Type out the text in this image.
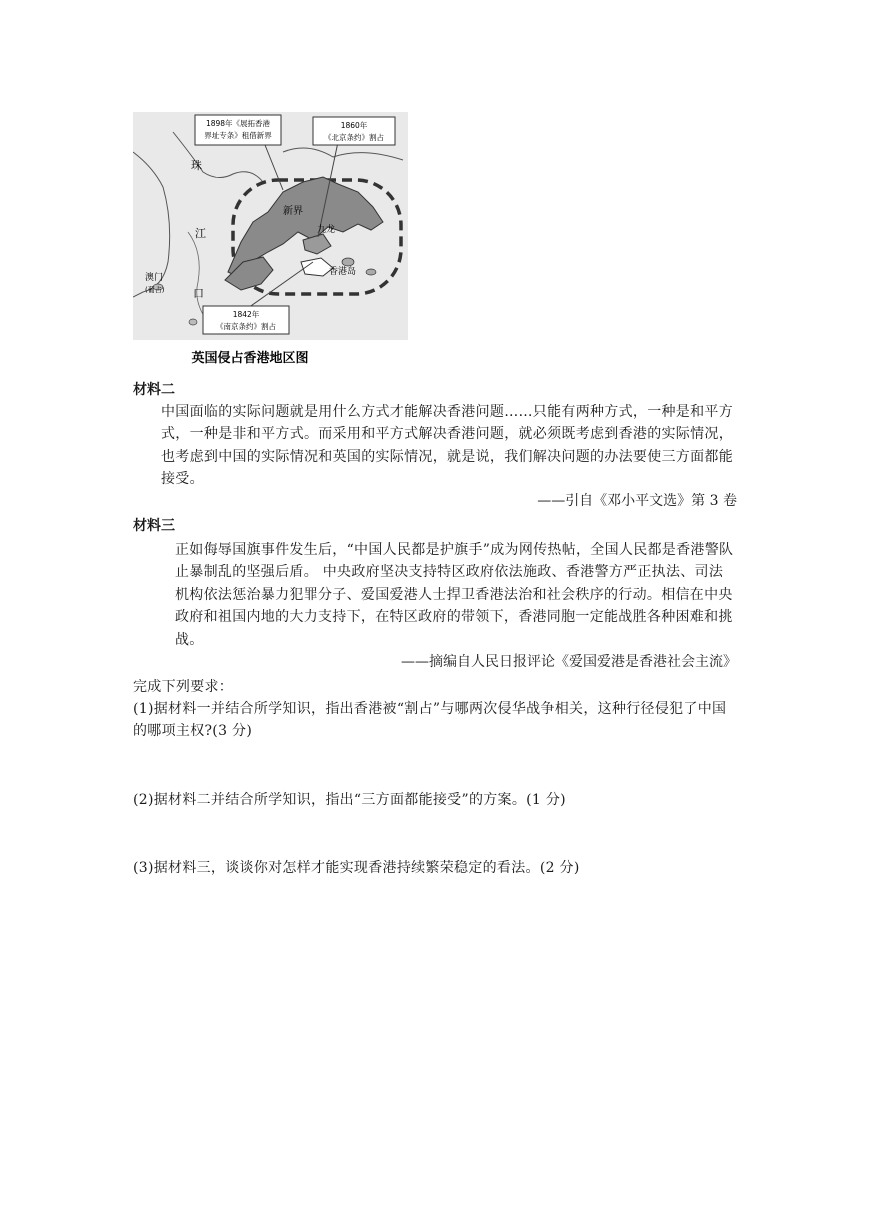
1898年《展拓香港
界址专条》租借新界
1860年
《北京条约》割占
1842年
《南京条约》割占
珠
江
口
新界
九龙
香港岛
澳门
(葡占)
英国侵占香港地区图
材料二
中国面临的实际问题就是用什么方式才能解决香港问题……只能有两种方式，一种是和平方式，一种是非和平方式。而采用和平方式解决香港问题，就必须既考虑到香港的实际情况，也考虑到中国的实际情况和英国的实际情况，就是说，我们解决问题的办法要使三方面都能接受。
——引自《邓小平文选》第 3 卷
材料三
正如侮辱国旗事件发生后，“中国人民都是护旗手”成为网传热帖，全国人民都是香港警队止暴制乱的坚强后盾。 中央政府坚决支持特区政府依法施政、香港警方严正执法、司法机构依法惩治暴力犯罪分子、爱国爱港人士捍卫香港法治和社会秩序的行动。相信在中央政府和祖国内地的大力支持下，在特区政府的带领下，香港同胞一定能战胜各种困难和挑战。
——摘编自人民日报评论《爱国爱港是香港社会主流》
完成下列要求：
(1)据材料一并结合所学知识，指出香港被“割占”与哪两次侵华战争相关，这种行径侵犯了中国的哪项主权?(3 分)
(2)据材料二并结合所学知识，指出“三方面都能接受”的方案。(1 分)
(3)据材料三，谈谈你对怎样才能实现香港持续繁荣稳定的看法。(2 分)
